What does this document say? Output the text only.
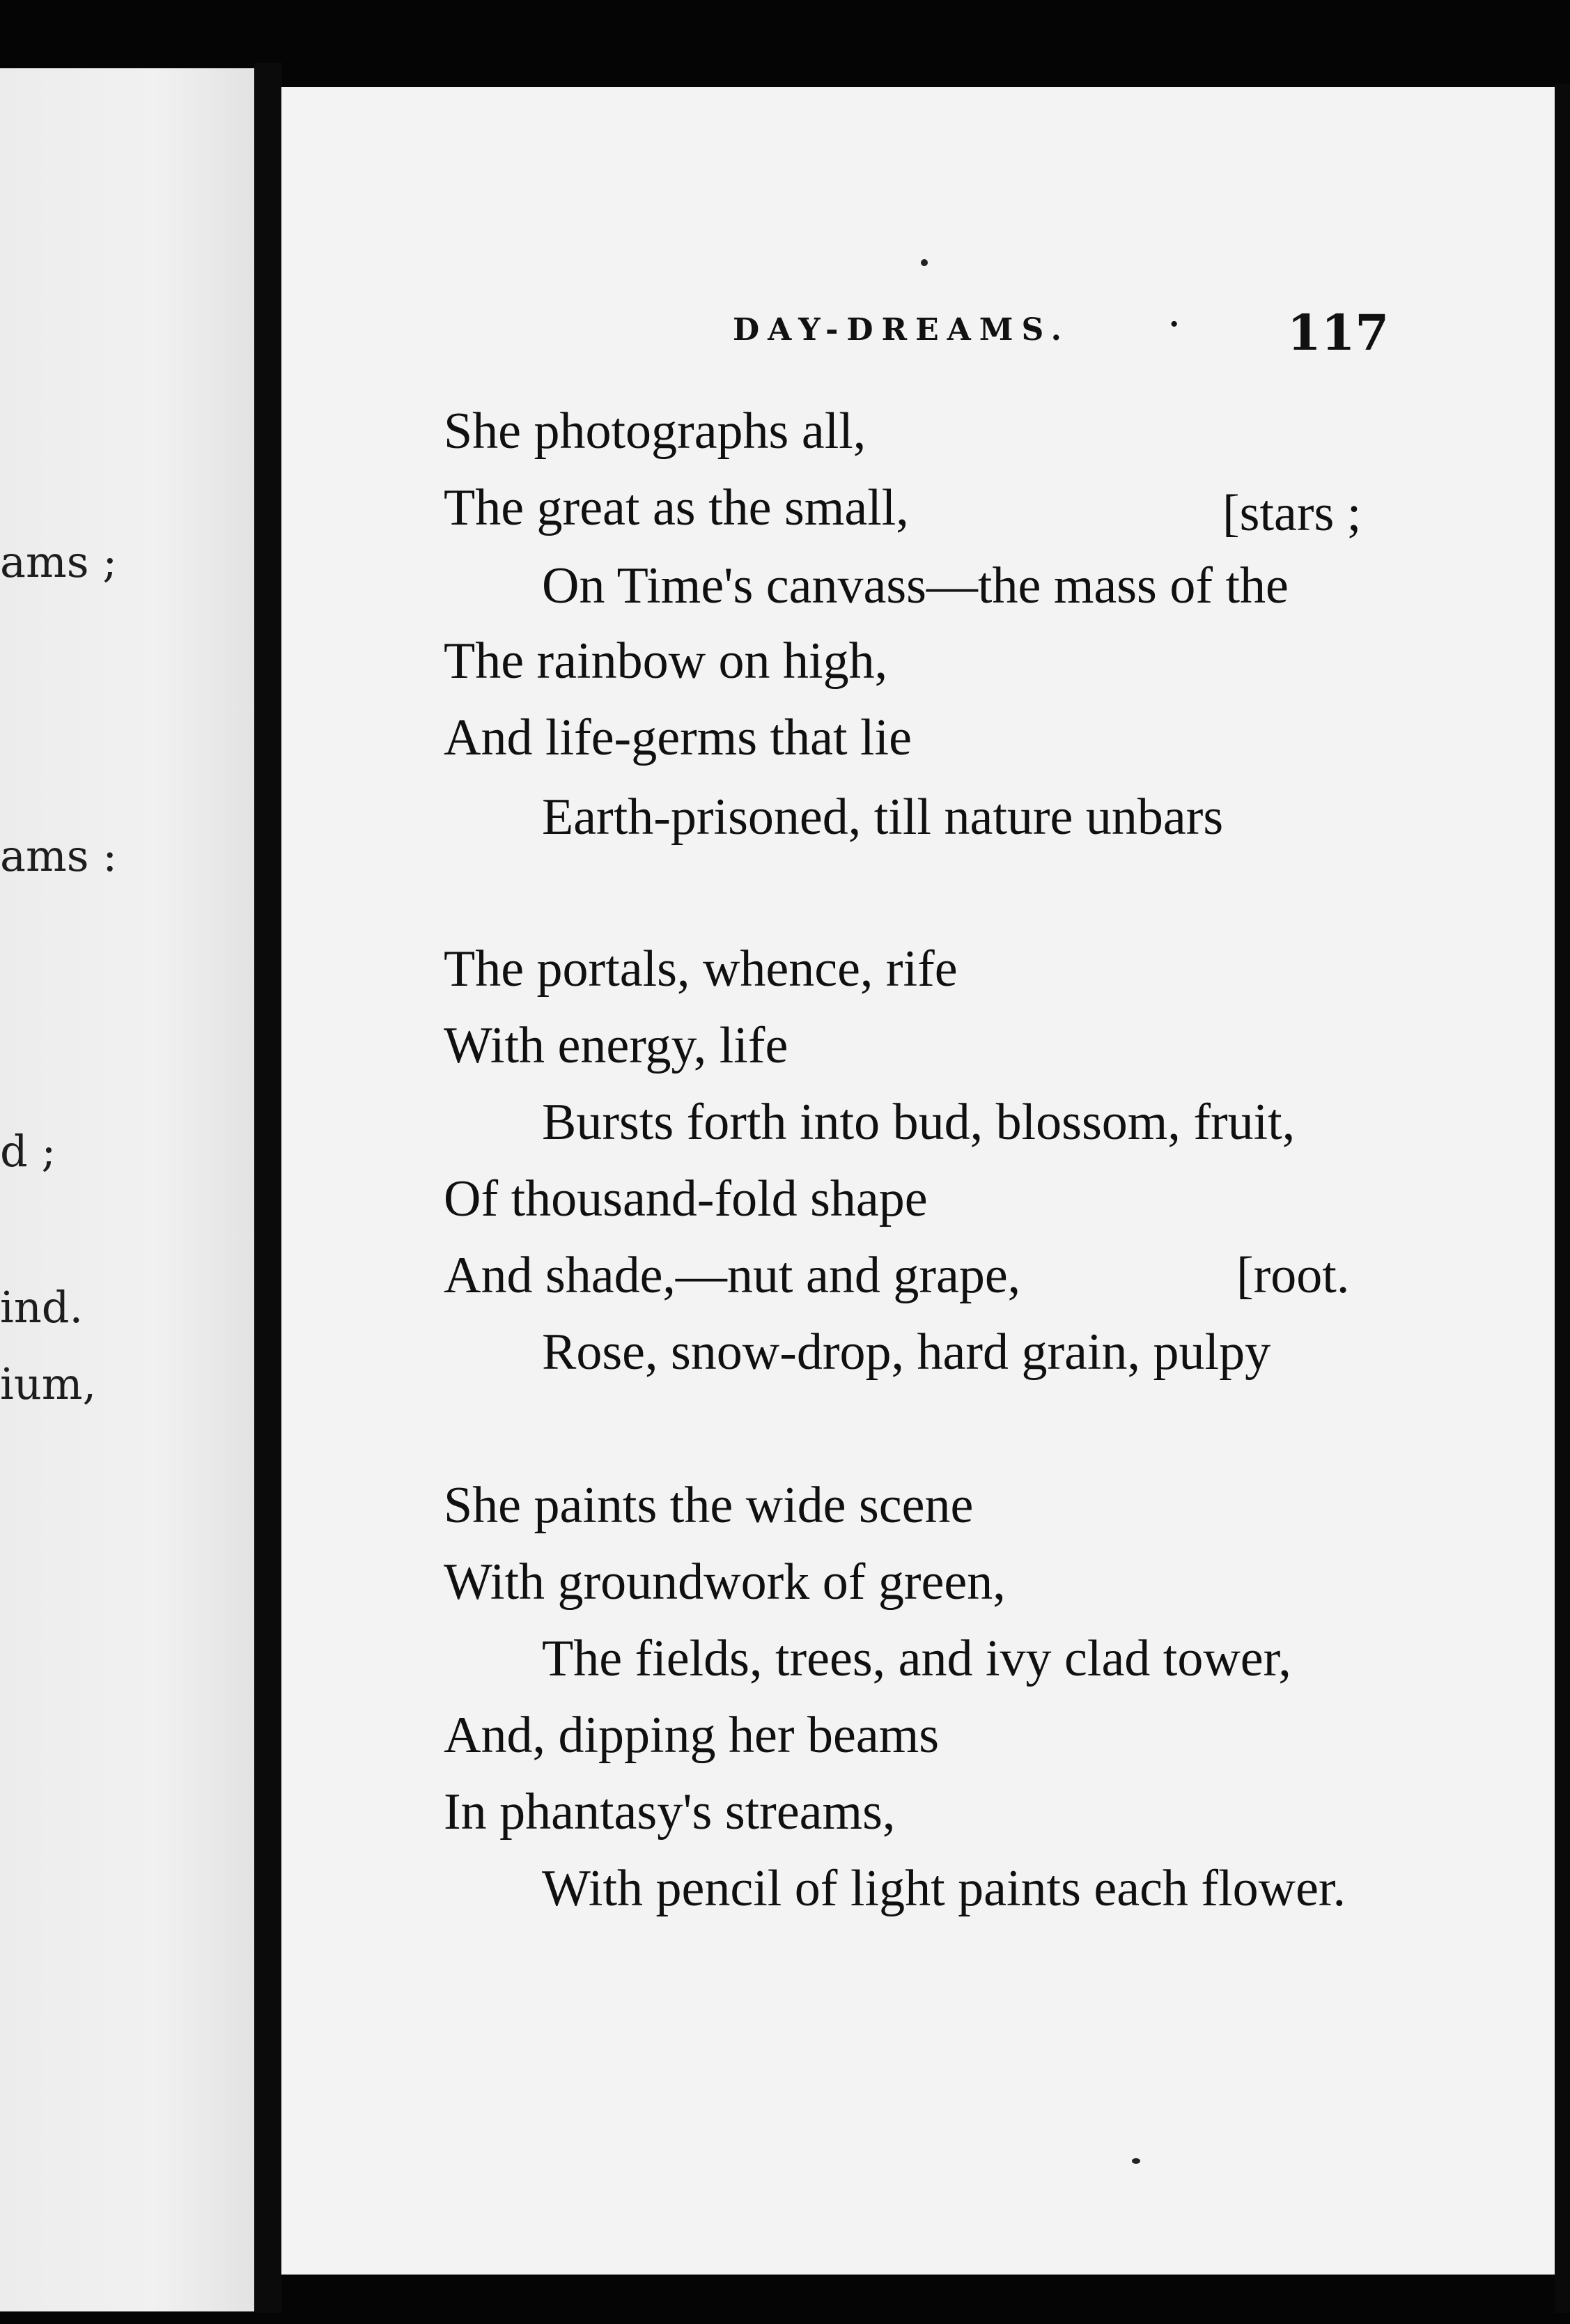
ams ;
ams :
d ;
ind.
ium,
DAY-DREAMS.	· 117
She photographs all,
The great as the small,	[stars ;
On Time's canvass—the mass of the
The rainbow on high,
And life-germs that lie
Earth-prisoned, till nature unbars
The portals, whence, rife
With energy, life
Bursts forth into bud, blossom, fruit,
Of thousand-fold shape
And shade,—nut and grape,	[root.
Rose, snow-drop, hard grain, pulpy
She paints the wide scene
With groundwork of green,
The fields, trees, and ivy clad tower,
And, dipping her beams
In phantasy's streams,
With pencil of light paints each flower.
